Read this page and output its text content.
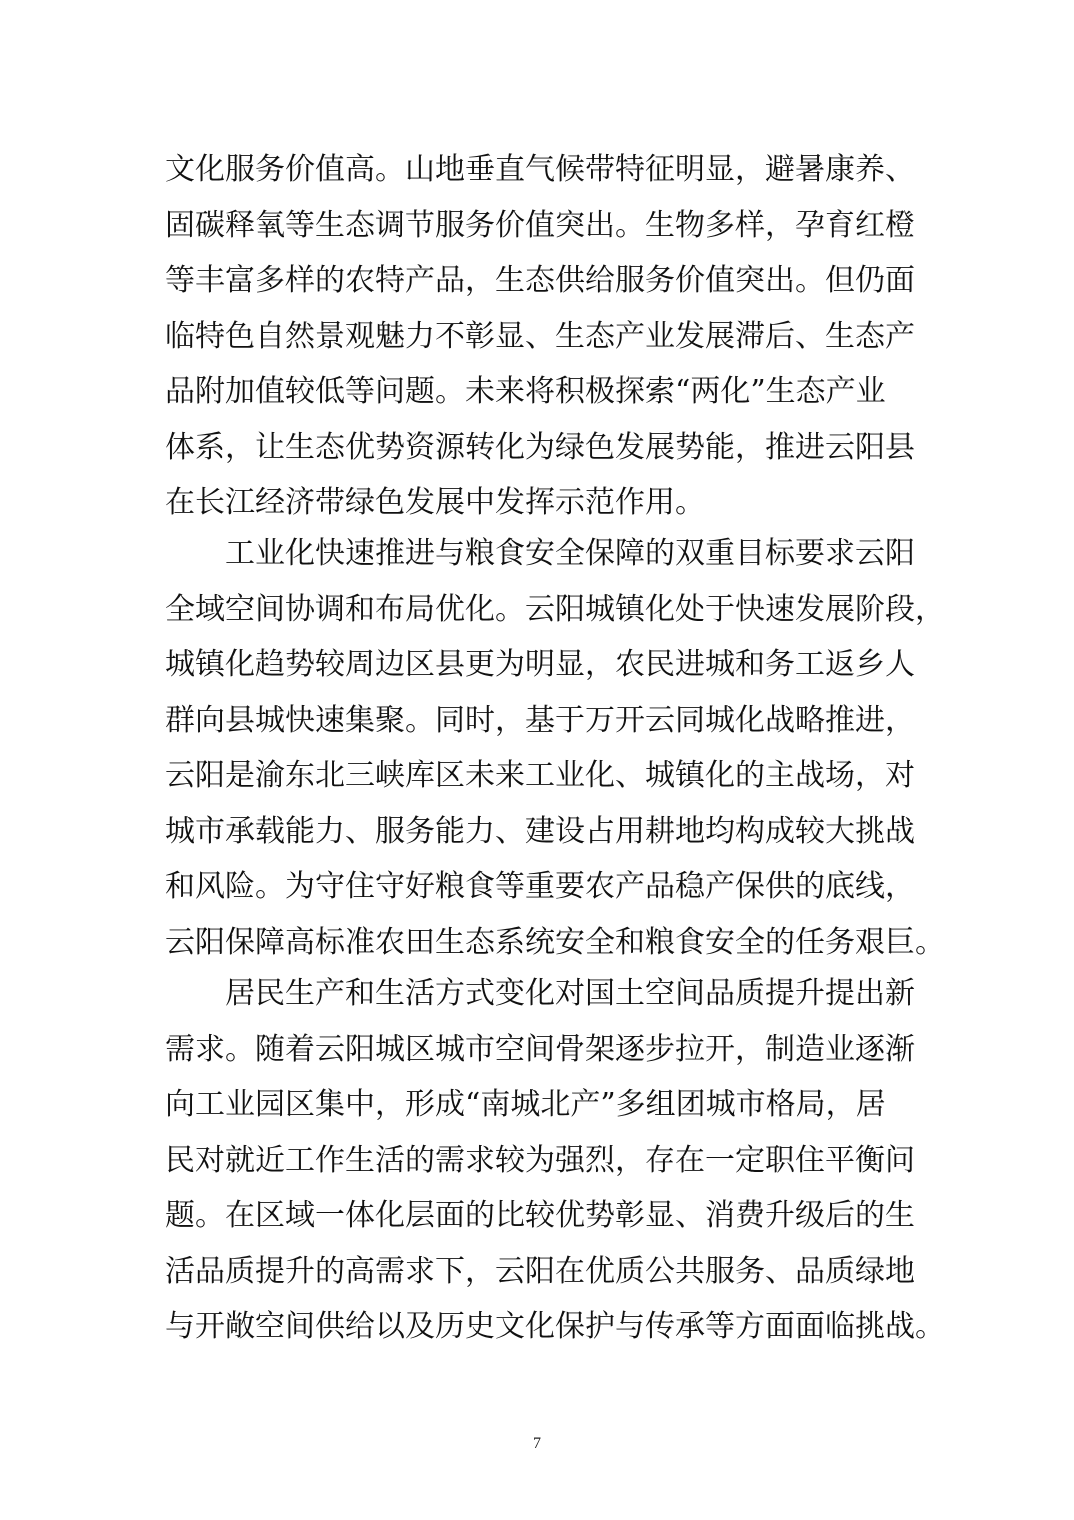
文化服务价值高。山地垂直气候带特征明显，避暑康养、
固碳释氧等生态调节服务价值突出。生物多样，孕育红橙
等丰富多样的农特产品，生态供给服务价值突出。但仍面
临特色自然景观魅力不彰显、生态产业发展滞后、生态产
品附加值较低等问题。未来将积极探索“两化”生态产业
体系，让生态优势资源转化为绿色发展势能，推进云阳县
在长江经济带绿色发展中发挥示范作用。
　　工业化快速推进与粮食安全保障的双重目标要求云阳
全域空间协调和布局优化。云阳城镇化处于快速发展阶段，
城镇化趋势较周边区县更为明显，农民进城和务工返乡人
群向县城快速集聚。同时，基于万开云同城化战略推进，
云阳是渝东北三峡库区未来工业化、城镇化的主战场，对
城市承载能力、服务能力、建设占用耕地均构成较大挑战
和风险。为守住守好粮食等重要农产品稳产保供的底线，
云阳保障高标准农田生态系统安全和粮食安全的任务艰巨。
　　居民生产和生活方式变化对国土空间品质提升提出新
需求。随着云阳城区城市空间骨架逐步拉开，制造业逐渐
向工业园区集中，形成“南城北产”多组团城市格局，居
民对就近工作生活的需求较为强烈，存在一定职住平衡问
题。在区域一体化层面的比较优势彰显、消费升级后的生
活品质提升的高需求下，云阳在优质公共服务、品质绿地
与开敞空间供给以及历史文化保护与传承等方面面临挑战。
7
